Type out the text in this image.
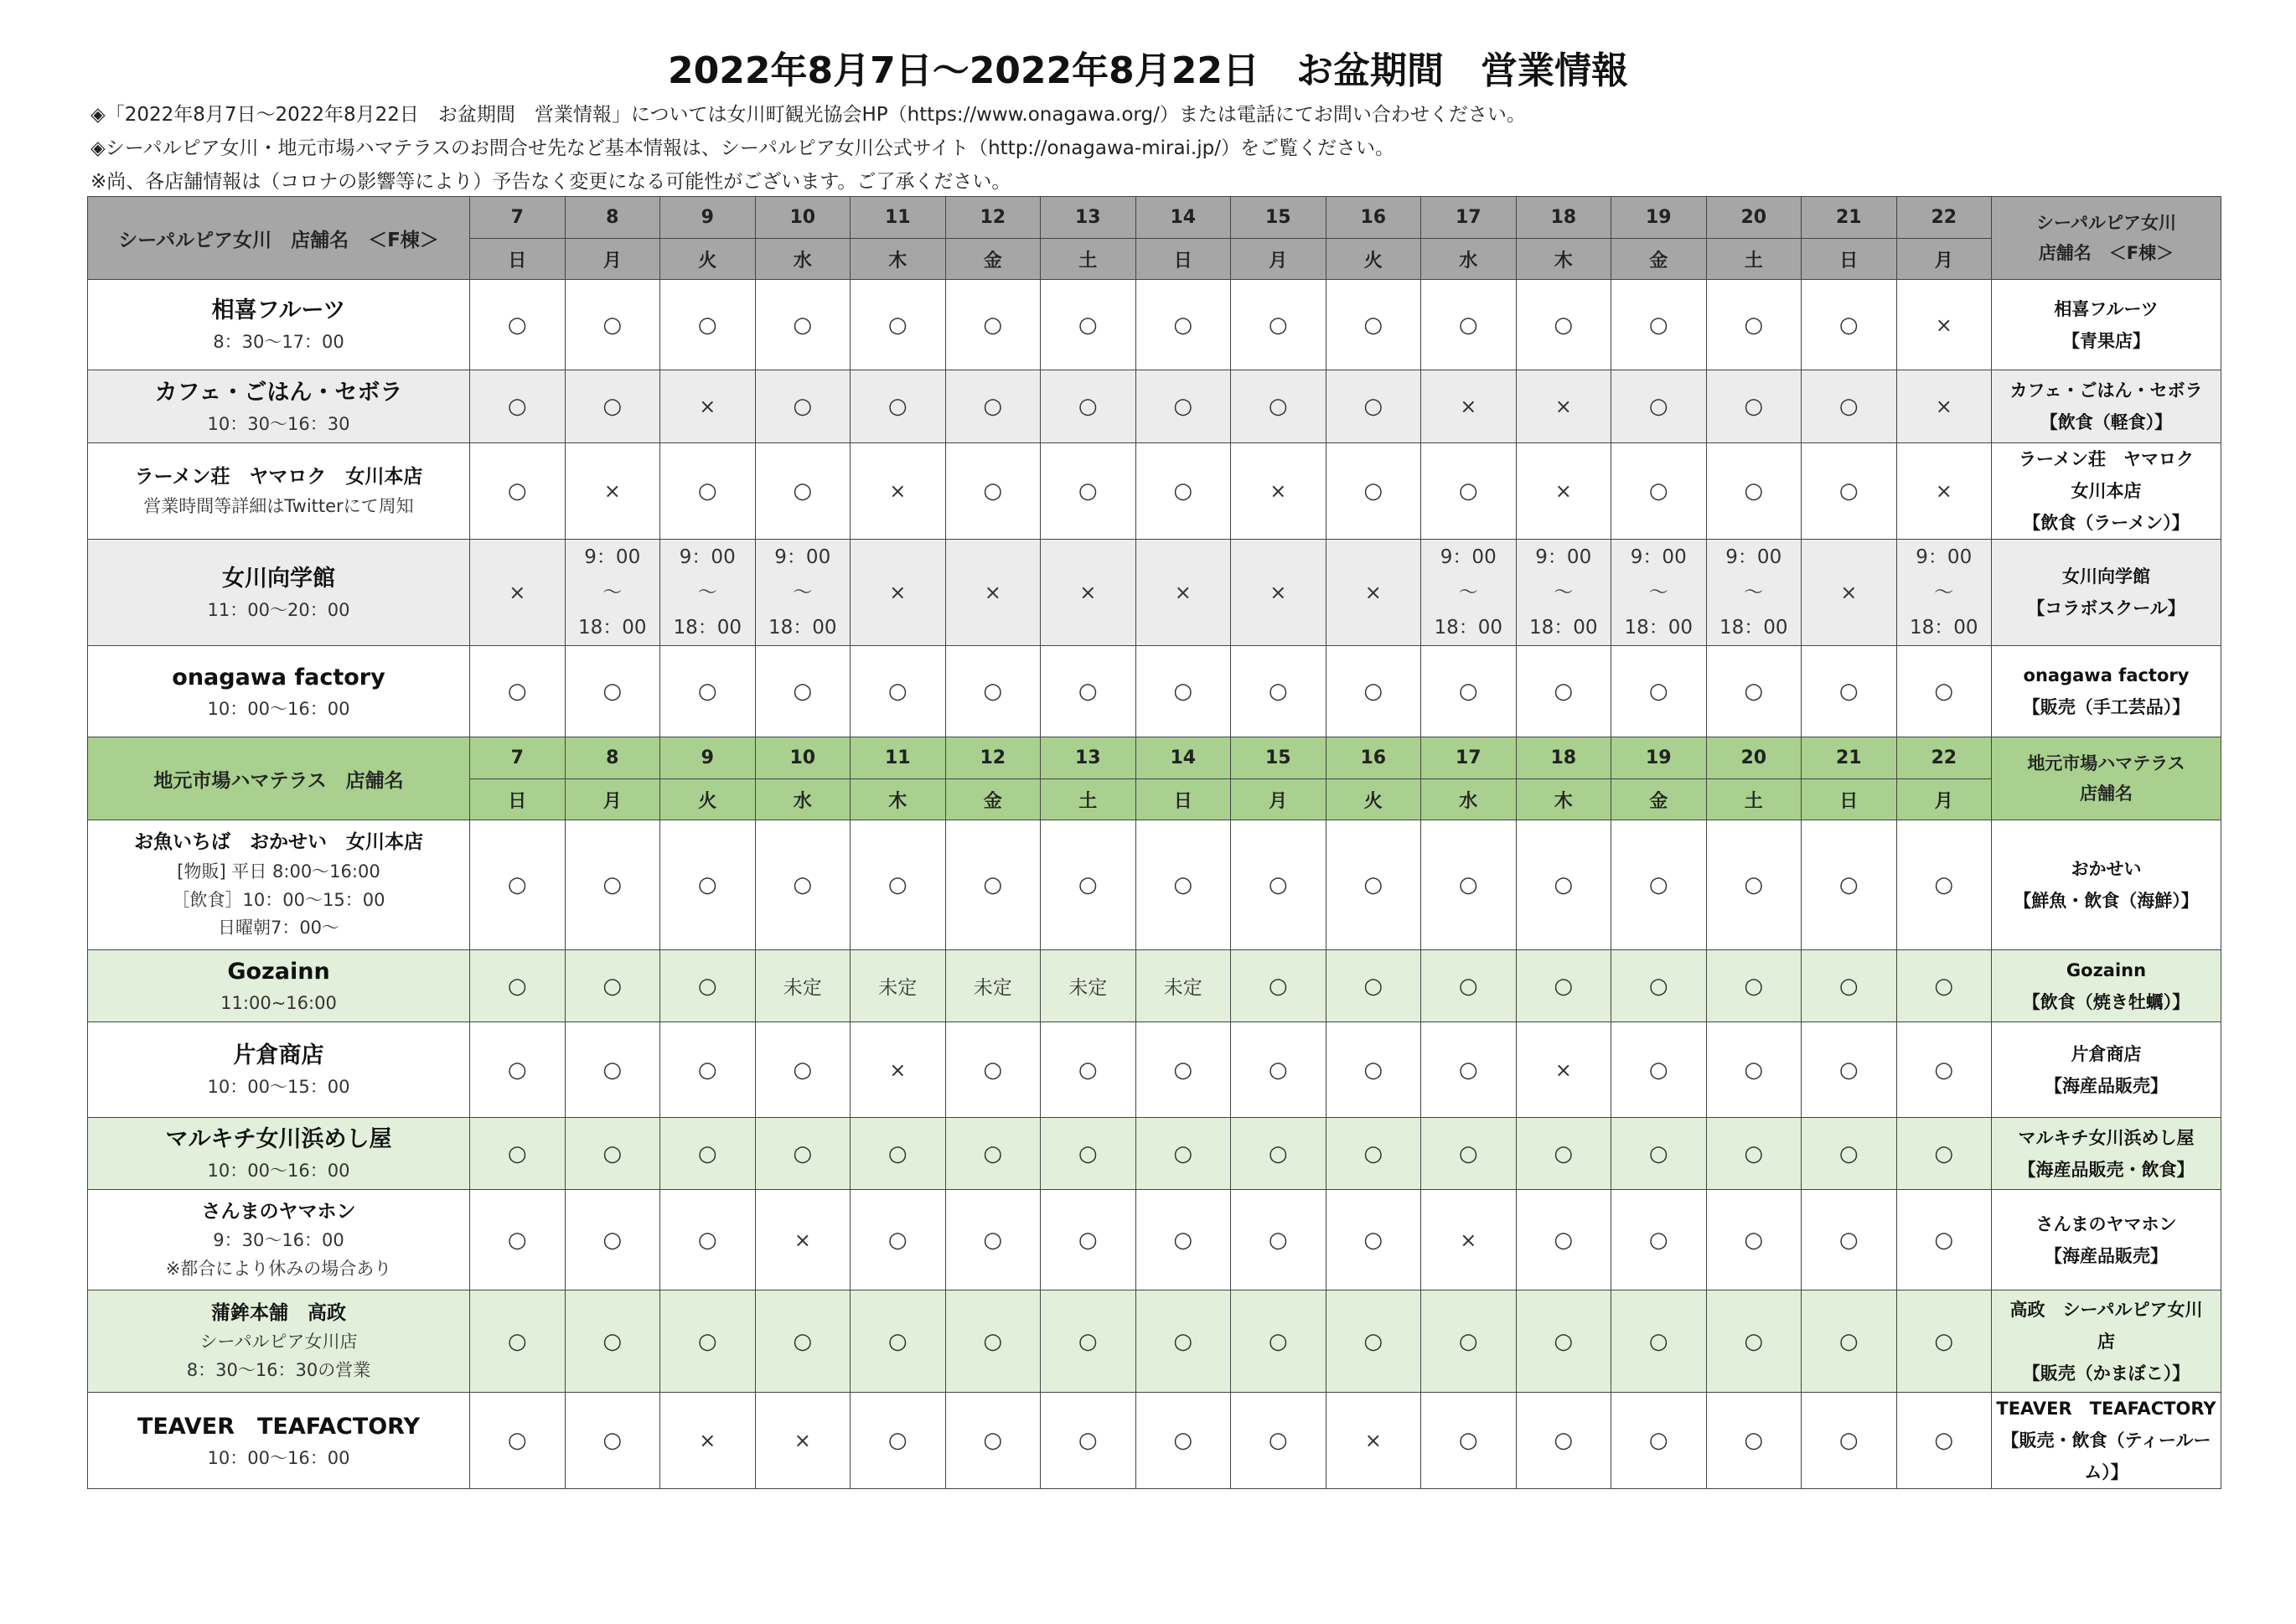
2022年8月7日～2022年8月22日　お盆期間　営業情報
◈「2022年8月7日～2022年8月22日　お盆期間　営業情報」については女川町観光協会HP（https://www.onagawa.org/）または電話にてお問い合わせください。
◈シーパルピア女川・地元市場ハマテラスのお問合せ先など基本情報は、シーパルピア女川公式サイト（http://onagawa-mirai.jp/）をご覧ください。
※尚、各店舗情報は（コロナの影響等により）予告なく変更になる可能性がございます。ご了承ください。
シーパルピア女川　店舗名　＜F棟＞	7	8	9	10	11	12	13	14	15	16	17	18	19	20	21	22	シーパルピア女川
店舗名　＜F棟＞

	日	月	火	水	木	金	土	日	月	火	水	木	金	土	日	月	

相喜フルーツ
8：30～17：00	○	○	○	○	○	○	○	○	○	○	○	○	○	○	○	×	相喜フルーツ
【青果店】

カフェ・ごはん・セボラ
10：30～16：30	○	○	×	○	○	○	○	○	○	○	×	×	○	○	○	×	カフェ・ごはん・セボラ
【飲食（軽食）】

ラーメン荘　ヤマロク　女川本店
営業時間等詳細はTwitterにて周知	○	×	○	○	×	○	○	○	×	○	○	×	○	○	○	×	ラーメン荘　ヤマロク
女川本店
【飲食（ラーメン）】

女川向学館
11：00～20：00	×	9：00
～
18：00	9：00
～
18：00	9：00
～
18：00	×	×	×	×	×	×	9：00
～
18：00	9：00
～
18：00	9：00
～
18：00	9：00
～
18：00	×	9：00
～
18：00	女川向学館
【コラボスクール】

onagawa factory
10：00～16：00	○	○	○	○	○	○	○	○	○	○	○	○	○	○	○	○	onagawa factory
【販売（手工芸品）】

地元市場ハマテラス　店舗名	7	8	9	10	11	12	13	14	15	16	17	18	19	20	21	22	地元市場ハマテラス
店舗名

	日	月	火	水	木	金	土	日	月	火	水	木	金	土	日	月	

お魚いちば　おかせい　女川本店
[物販] 平日 8:00～16:00
［飲食］10：00～15：00
日曜朝7：00～	○	○	○	○	○	○	○	○	○	○	○	○	○	○	○	○	おかせい
【鮮魚・飲食（海鮮）】

Gozainn
11:00~16:00	○	○	○	未定	未定	未定	未定	未定	○	○	○	○	○	○	○	○	Gozainn
【飲食（焼き牡蠣）】

片倉商店
10：00～15：00	○	○	○	○	×	○	○	○	○	○	○	×	○	○	○	○	片倉商店
【海産品販売】

マルキチ女川浜めし屋
10：00～16：00	○	○	○	○	○	○	○	○	○	○	○	○	○	○	○	○	マルキチ女川浜めし屋
【海産品販売・飲食】

さんまのヤマホン
9：30～16：00
※都合により休みの場合あり	○	○	○	×	○	○	○	○	○	○	×	○	○	○	○	○	さんまのヤマホン
【海産品販売】

蒲鉾本舗　高政
シーパルピア女川店
8：30～16：30の営業	○	○	○	○	○	○	○	○	○	○	○	○	○	○	○	○	高政　シーパルピア女川
店
【販売（かまぼこ）】

TEAVER　TEAFACTORY
10：00～16：00	○	○	×	×	○	○	○	○	○	×	○	○	○	○	○	○	TEAVER　TEAFACTORY
【販売・飲食（ティールー
ム）】
